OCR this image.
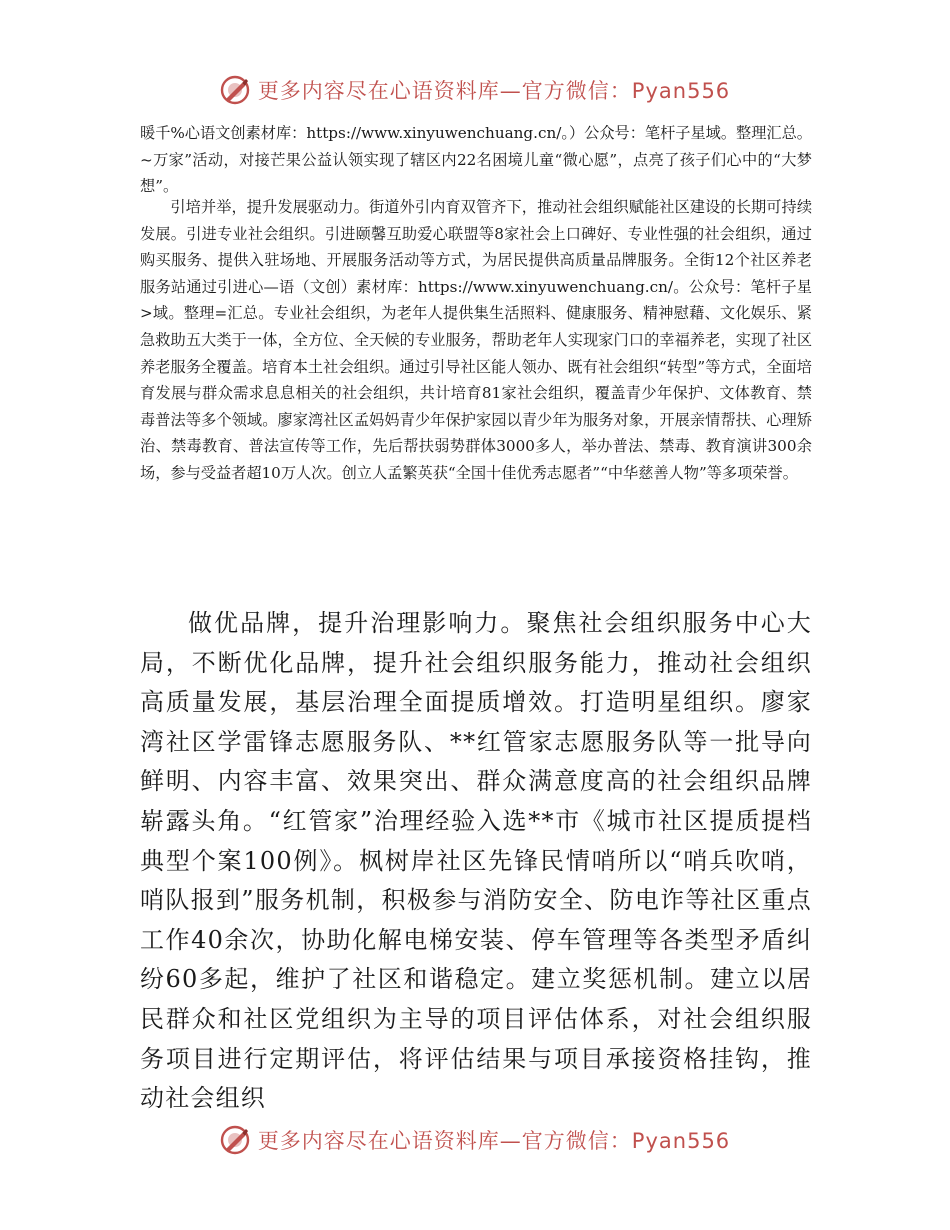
更多内容尽在心语资料库—官方微信：Pyan556

暖千%心语文创素材库：https://www.xinyuwenchuang.cn/。）公众号：笔杆子星域。整理汇总。~万家”活动，对接芒果公益认领实现了辖区内22名困境儿童“微心愿”，点亮了孩子们心中的“大梦想”。

引培并举，提升发展驱动力。街道外引内育双管齐下，推动社会组织赋能社区建设的长期可持续发展。引进专业社会组织。引进颐馨互助爱心联盟等8家社会上口碑好、专业性强的社会组织，通过购买服务、提供入驻场地、开展服务活动等方式，为居民提供高质量品牌服务。全街12个社区养老服务站通过引进心—语（文创）素材库：https://www.xinyuwenchuang.cn/。公众号：笔杆子星>域。整理=汇总。专业社会组织，为老年人提供集生活照料、健康服务、精神慰藉、文化娱乐、紧急救助五大类于一体，全方位、全天候的专业服务，帮助老年人实现家门口的幸福养老，实现了社区养老服务全覆盖。培育本土社会组织。通过引导社区能人领办、既有社会组织“转型”等方式，全面培育发展与群众需求息息相关的社会组织，共计培育81家社会组织，覆盖青少年保护、文体教育、禁毒普法等多个领域。廖家湾社区孟妈妈青少年保护家园以青少年为服务对象，开展亲情帮扶、心理矫治、禁毒教育、普法宣传等工作，先后帮扶弱势群体3000多人，举办普法、禁毒、教育演讲300余场，参与受益者超10万人次。创立人孟繁英获“全国十佳优秀志愿者”“中华慈善人物”等多项荣誉。

做优品牌，提升治理影响力。聚焦社会组织服务中心大局，不断优化品牌，提升社会组织服务能力，推动社会组织高质量发展，基层治理全面提质增效。打造明星组织。廖家湾社区学雷锋志愿服务队、**红管家志愿服务队等一批导向鲜明、内容丰富、效果突出、群众满意度高的社会组织品牌崭露头角。“红管家”治理经验入选**市《城市社区提质提档典型个案100例》。枫树岸社区先锋民情哨所以“哨兵吹哨，哨队报到”服务机制，积极参与消防安全、防电诈等社区重点工作40余次，协助化解电梯安装、停车管理等各类型矛盾纠纷60多起，维护了社区和谐稳定。建立奖惩机制。建立以居民群众和社区党组织为主导的项目评估体系，对社会组织服务项目进行定期评估，将评估结果与项目承接资格挂钩，推动社会组织

更多内容尽在心语资料库—官方微信：Pyan556
